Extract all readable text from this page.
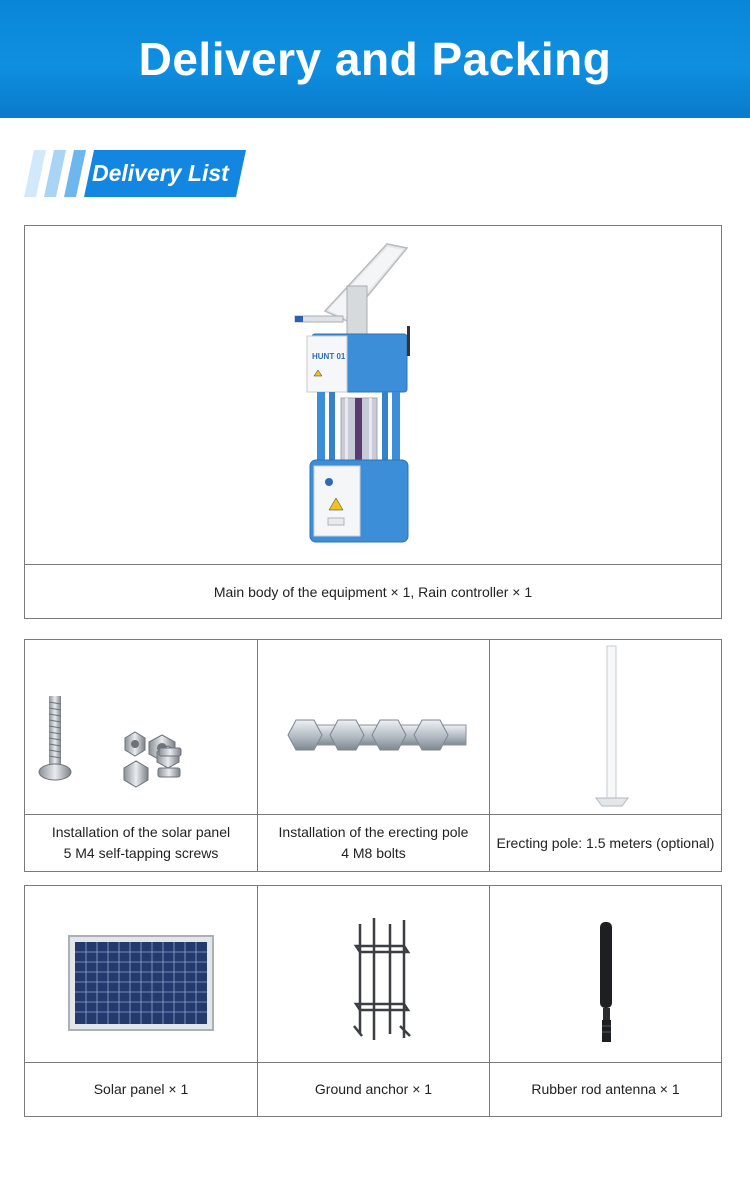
Delivery and Packing
Delivery List
HUNT 01
Main body of the equipment × 1, Rain controller × 1
Installation of the solar panel
5 M4 self-tapping screws
Installation of the erecting pole
4 M8 bolts
Erecting pole: 1.5 meters (optional)
Solar panel × 1	Ground anchor × 1	Rubber rod antenna × 1
